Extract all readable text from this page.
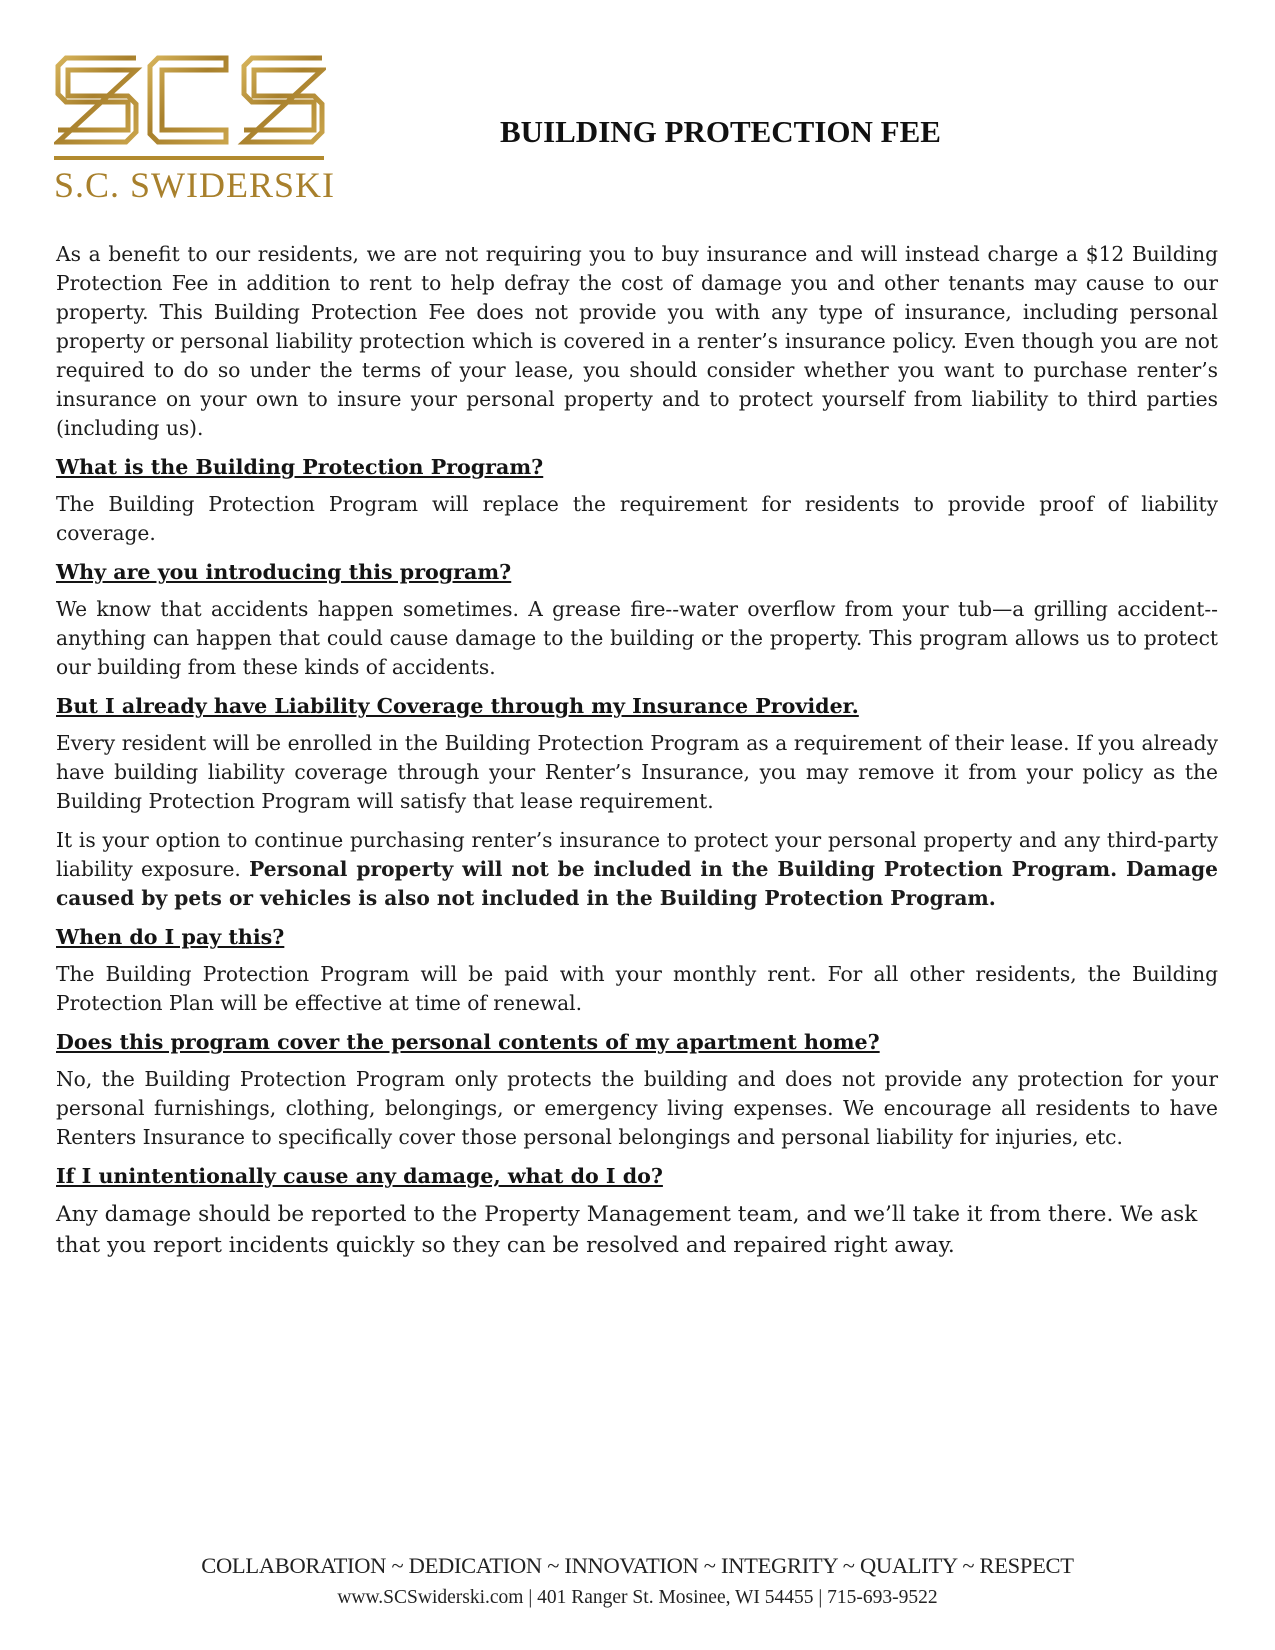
S.C. SWIDERSKI
BUILDING PROTECTION FEE

As a benefit to our residents, we are not requiring you to buy insurance and will instead charge a $12 Building Protection Fee in addition to rent to help defray the cost of damage you and other tenants may cause to our property. This Building Protection Fee does not provide you with any type of insurance, including personal property or personal liability protection which is covered in a renter’s insurance policy. Even though you are not required to do so under the terms of your lease, you should consider whether you want to purchase renter’s insurance on your own to insure your personal property and to protect yourself from liability to third parties (including us).

What is the Building Protection Program?

The Building Protection Program will replace the requirement for residents to provide proof of liability coverage.

Why are you introducing this program?

We know that accidents happen sometimes. A grease fire--water overflow from your tub—a grilling accident--anything can happen that could cause damage to the building or the property. This program allows us to protect our building from these kinds of accidents.

But I already have Liability Coverage through my Insurance Provider.

Every resident will be enrolled in the Building Protection Program as a requirement of their lease. If you already have building liability coverage through your Renter’s Insurance, you may remove it from your policy as the Building Protection Program will satisfy that lease requirement.

It is your option to continue purchasing renter’s insurance to protect your personal property and any third-party liability exposure. Personal property will not be included in the Building Protection Program. Damage caused by pets or vehicles is also not included in the Building Protection Program.

When do I pay this?

The Building Protection Program will be paid with your monthly rent. For all other residents, the Building Protection Plan will be effective at time of renewal.

Does this program cover the personal contents of my apartment home?

No, the Building Protection Program only protects the building and does not provide any protection for your personal furnishings, clothing, belongings, or emergency living expenses. We encourage all residents to have Renters Insurance to specifically cover those personal belongings and personal liability for injuries, etc.

If I unintentionally cause any damage, what do I do?

Any damage should be reported to the Property Management team, and we’ll take it from there. We ask that you report incidents quickly so they can be resolved and repaired right away.

COLLABORATION ~ DEDICATION ~ INNOVATION ~ INTEGRITY ~ QUALITY ~ RESPECT
www.SCSwiderski.com | 401 Ranger St. Mosinee, WI 54455 | 715-693-9522
